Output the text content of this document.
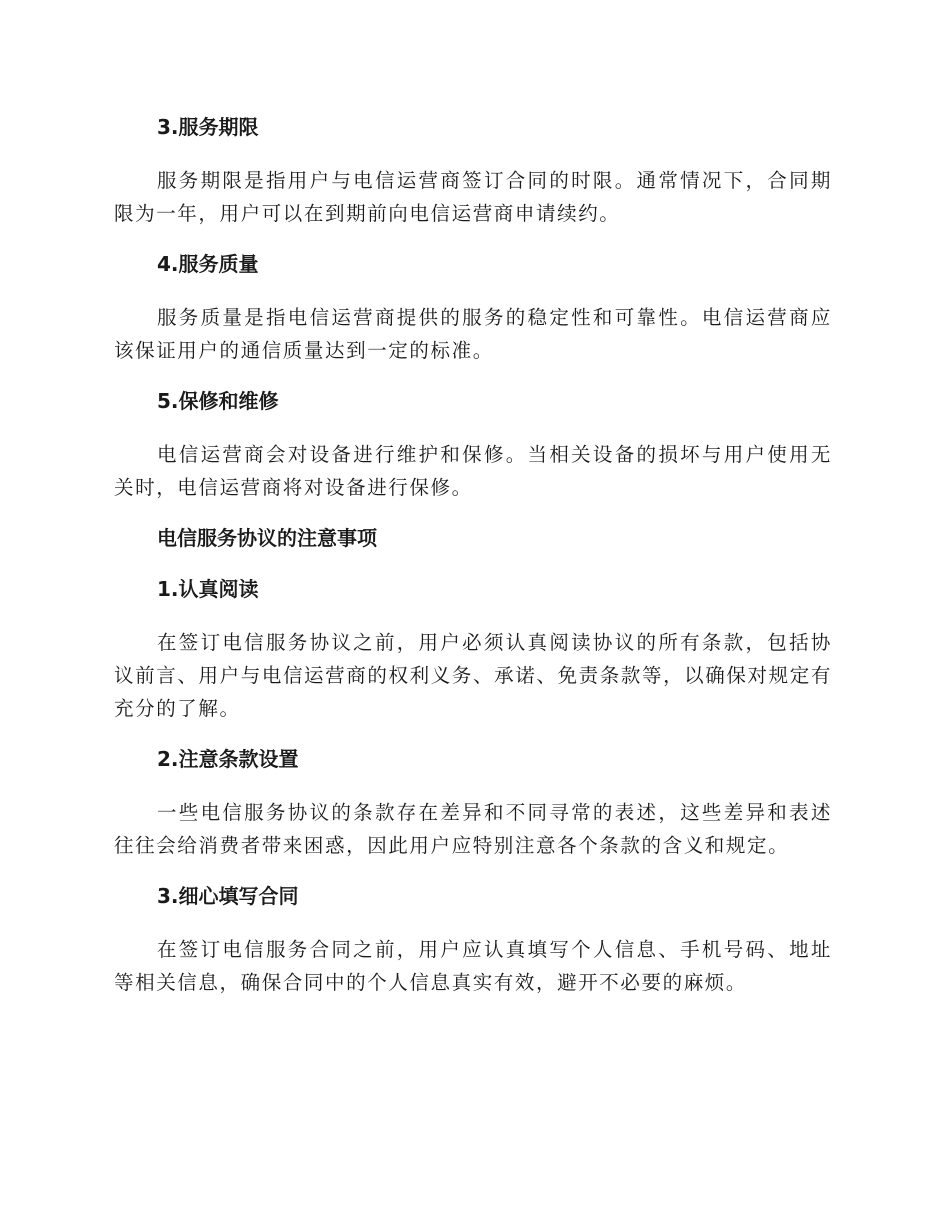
3.服务期限

服务期限是指用户与电信运营商签订合同的时限。通常情况下，合同期限为一年，用户可以在到期前向电信运营商申请续约。

4.服务质量

服务质量是指电信运营商提供的服务的稳定性和可靠性。电信运营商应该保证用户的通信质量达到一定的标准。

5.保修和维修

电信运营商会对设备进行维护和保修。当相关设备的损坏与用户使用无关时，电信运营商将对设备进行保修。

电信服务协议的注意事项
1.认真阅读

在签订电信服务协议之前，用户必须认真阅读协议的所有条款，包括协议前言、用户与电信运营商的权利义务、承诺、免责条款等，以确保对规定有充分的了解。

2.注意条款设置

一些电信服务协议的条款存在差异和不同寻常的表述，这些差异和表述往往会给消费者带来困惑，因此用户应特别注意各个条款的含义和规定。

3.细心填写合同

在签订电信服务合同之前，用户应认真填写个人信息、手机号码、地址等相关信息，确保合同中的个人信息真实有效，避开不必要的麻烦。
